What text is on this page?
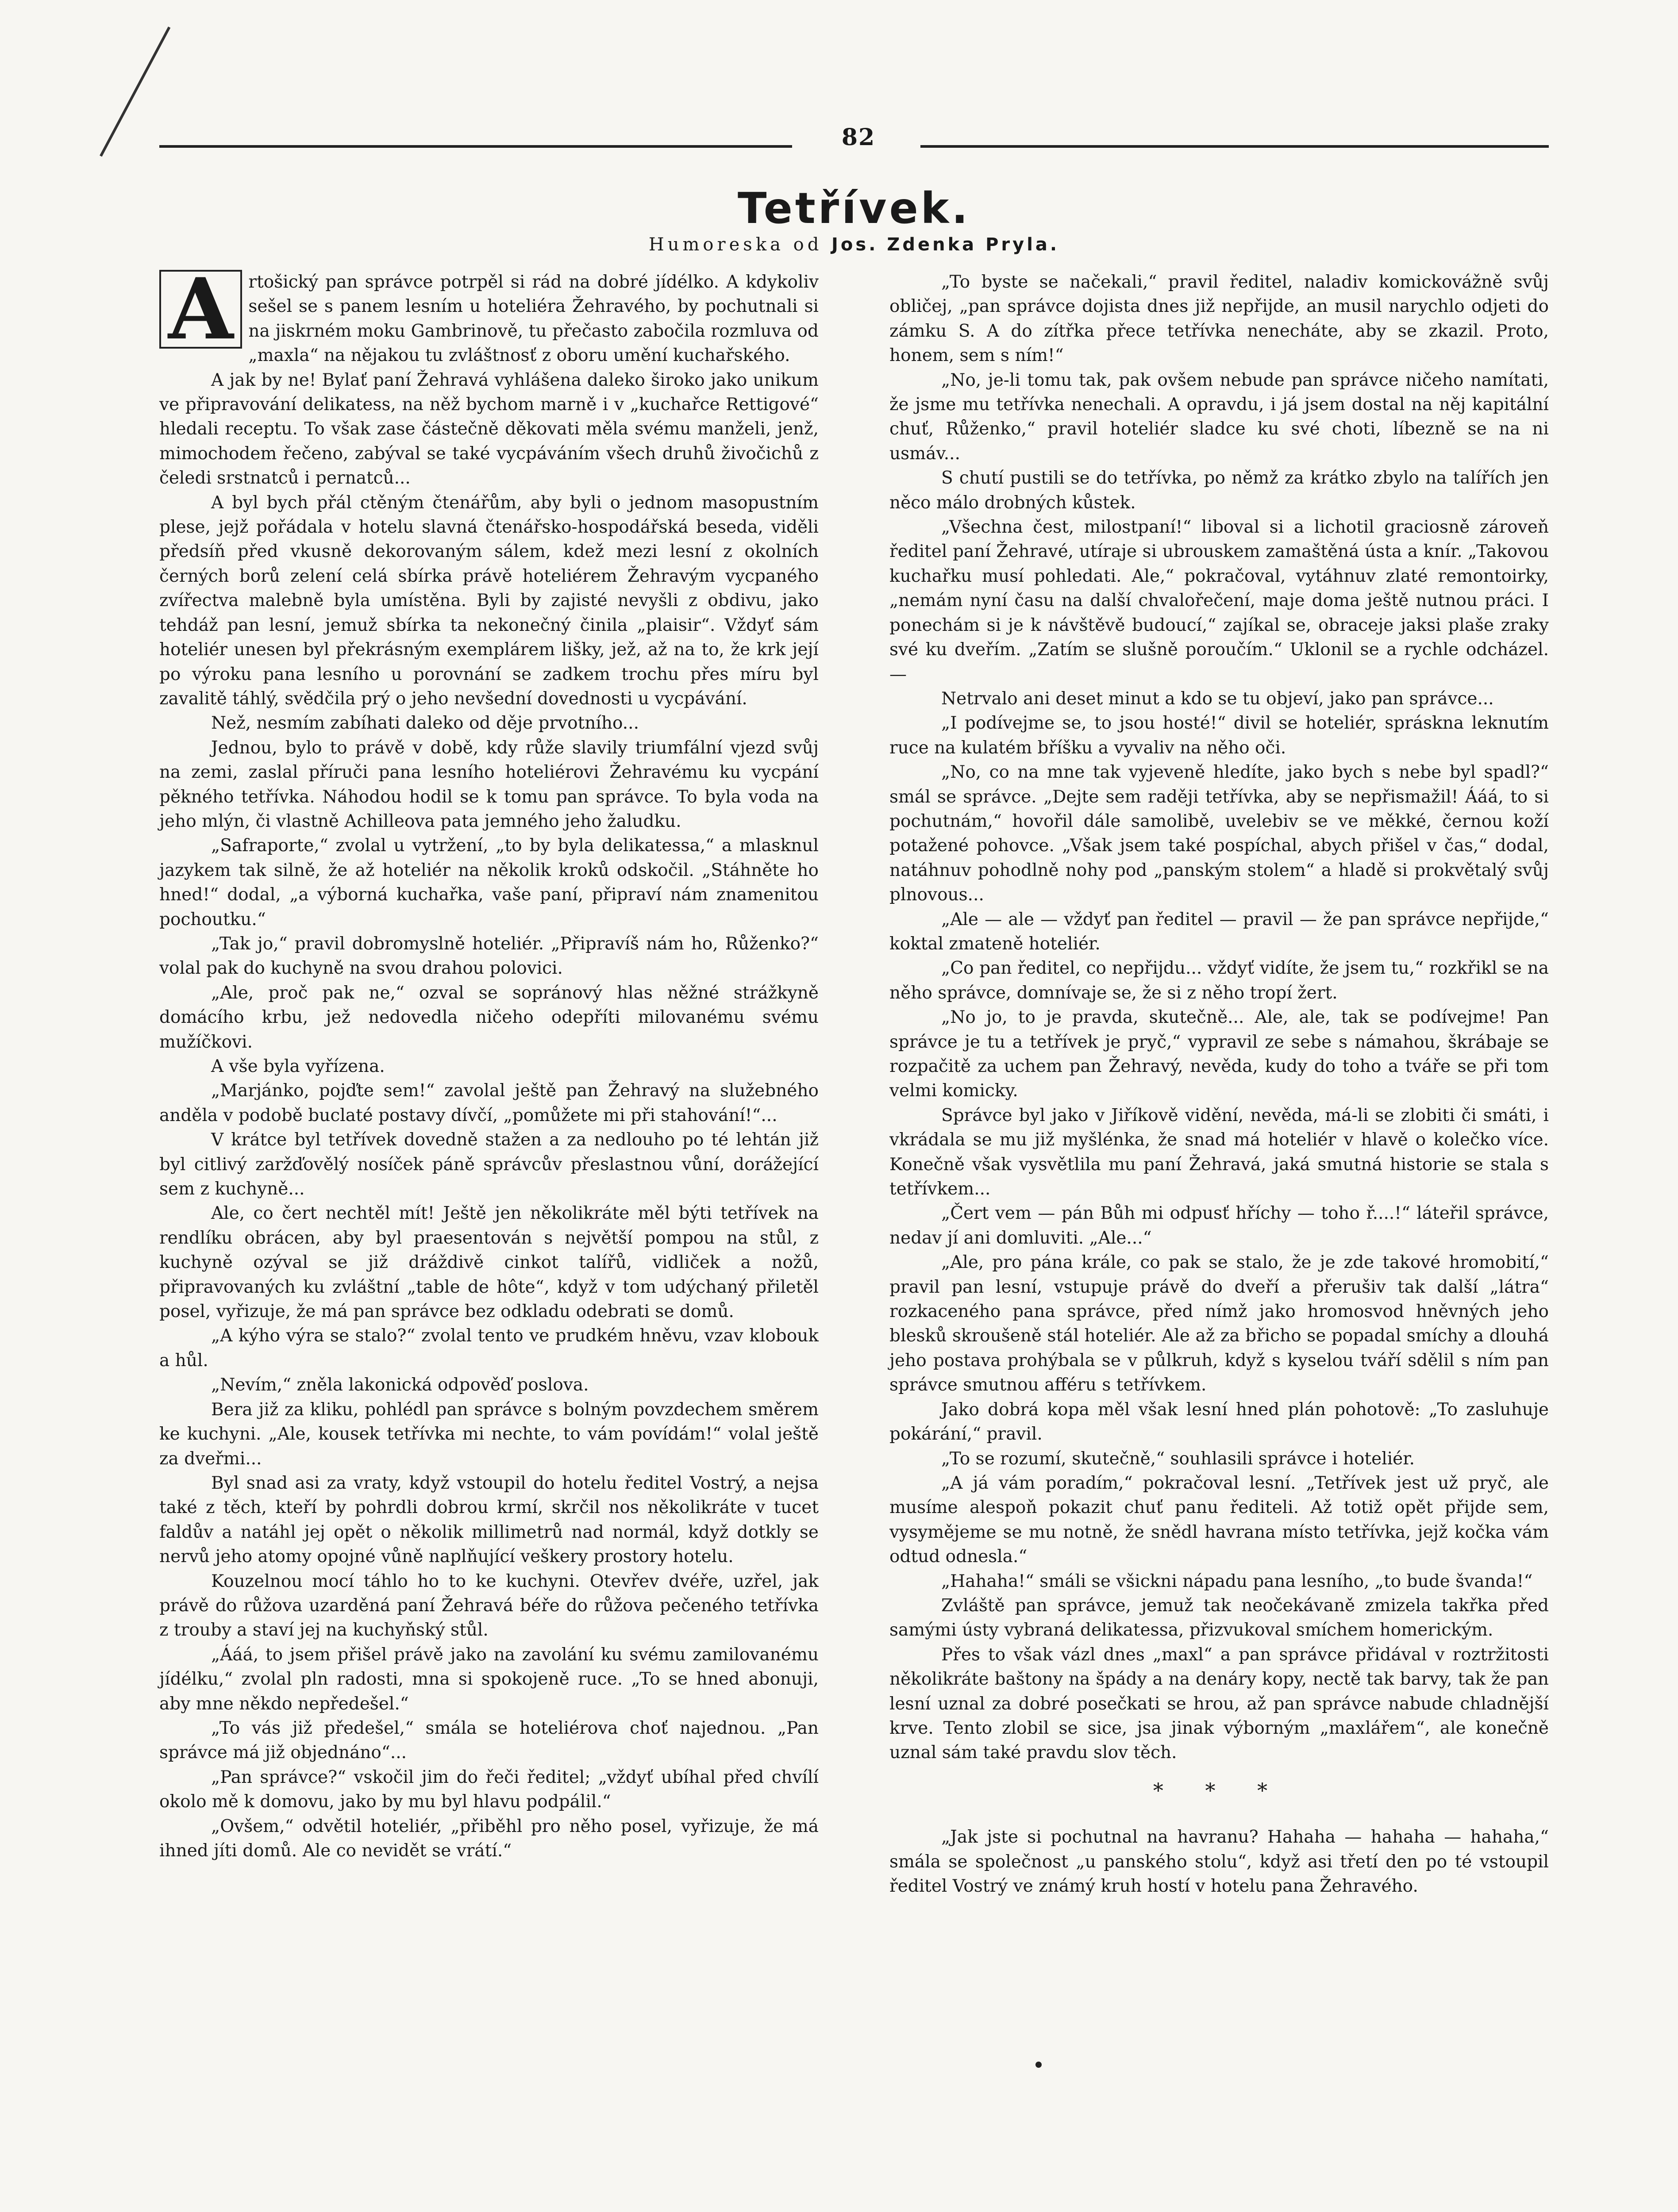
82
Tetřívek.
Humoreska od Jos. Zdenka Pryla.
A rtošický pan správce potrpěl si rád na dobré jídélko. A kdykoliv sešel se s panem lesním u hoteliéra Žehravého, by pochutnali si na jiskrném moku Gambrinově, tu přečasto zabočila rozmluva od „maxla“ na nějakou tu zvláštnosť z oboru umění kuchařského.

A jak by ne! Bylať paní Žehravá vyhlášena daleko široko jako unikum ve připravování delikatess, na něž bychom marně i v „kuchařce Rettigové“ hledali receptu. To však zase částečně děkovati měla svému manželi, jenž, mimochodem řečeno, zabýval se také vycpáváním všech druhů živočichů z čeledi srstnatců i pernatců...

A byl bych přál ctěným čtenářům, aby byli o jednom masopustním plese, jejž pořádala v hotelu slavná čtenářsko-hospodářská beseda, viděli předsíň před vkusně dekorovaným sálem, kdež mezi lesní z okolních černých borů zelení celá sbírka právě hoteliérem Žehravým vycpaného zvířectva malebně byla umístěna. Byli by zajisté nevyšli z obdivu, jako tehdáž pan lesní, jemuž sbírka ta nekonečný činila „plaisir“. Vždyť sám hoteliér unesen byl překrásným exemplárem lišky, jež, až na to, že krk její po výroku pana lesního u porovnání se zadkem trochu přes míru byl zavalitě táhlý, svědčila prý o jeho nevšední dovednosti u vycpávání.

Než, nesmím zabíhati daleko od děje prvotního...

Jednou, bylo to právě v době, kdy růže slavily triumfální vjezd svůj na zemi, zaslal příruči pana lesního hoteliérovi Žehravému ku vycpání pěkného tetřívka. Náhodou hodil se k tomu pan správce. To byla voda na jeho mlýn, či vlastně Achilleova pata jemného jeho žaludku.

„Safraporte,“ zvolal u vytržení, „to by byla delikatessa,“ a mlasknul jazykem tak silně, že až hoteliér na několik kroků odskočil. „Stáhněte ho hned!“ dodal, „a výborná kuchařka, vaše paní, připraví nám znamenitou pochoutku.“

„Tak jo,“ pravil dobromyslně hoteliér. „Připravíš nám ho, Růženko?“ volal pak do kuchyně na svou drahou polovici.

„Ale, proč pak ne,“ ozval se sopránový hlas něžné strážkyně domácího krbu, jež nedovedla ničeho odepříti milovanému svému mužíčkovi.

A vše byla vyřízena.

„Marjánko, pojďte sem!“ zavolal ještě pan Žehravý na služebného anděla v podobě buclaté postavy dívčí, „pomůžete mi při stahování!“...

V krátce byl tetřívek dovedně stažen a za nedlouho po té lehtán již byl citlivý zaržďovělý nosíček páně správcův přeslastnou vůní, dorážející sem z kuchyně...

Ale, co čert nechtěl mít! Ještě jen několikráte měl býti tetřívek na rendlíku obrácen, aby byl praesentován s největší pompou na stůl, z kuchyně ozýval se již dráždivě cinkot talířů, vidliček a nožů, připravovaných ku zvláštní „table de hôte“, když v tom udýchaný přiletěl posel, vyřizuje, že má pan správce bez odkladu odebrati se domů.

„A kýho výra se stalo?“ zvolal tento ve prudkém hněvu, vzav klobouk a hůl.

„Nevím,“ zněla lakonická odpověď poslova.

Bera již za kliku, pohlédl pan správce s bolným povzdechem směrem ke kuchyni. „Ale, kousek tetřívka mi nechte, to vám povídám!“ volal ještě za dveřmi...

Byl snad asi za vraty, když vstoupil do hotelu ředitel Vostrý, a nejsa také z těch, kteří by pohrdli dobrou krmí, skrčil nos několikráte v tucet faldův a natáhl jej opět o několik millimetrů nad normál, když dotkly se nervů jeho atomy opojné vůně naplňující veškery prostory hotelu.

Kouzelnou mocí táhlo ho to ke kuchyni. Otevřev dvéře, uzřel, jak právě do růžova uzarděná paní Žehravá béře do růžova pečeného tetřívka z trouby a staví jej na kuchyňský stůl.

„Ááá, to jsem přišel právě jako na zavolání ku svému zamilovanému jídélku,“ zvolal pln radosti, mna si spokojeně ruce. „To se hned abonuji, aby mne někdo nepředešel.“

„To vás již předešel,“ smála se hoteliérova choť najednou. „Pan správce má již objednáno“...

„Pan správce?“ vskočil jim do řeči ředitel; „vždyť ubíhal před chvílí okolo mě k domovu, jako by mu byl hlavu podpálil.“

„Ovšem,“ odvětil hoteliér, „přiběhl pro něho posel, vyřizuje, že má ihned jíti domů. Ale co nevidět se vrátí.“

„To byste se načekali,“ pravil ředitel, naladiv komickovážně svůj obličej, „pan správce dojista dnes již nepřijde, an musil narychlo odjeti do zámku S. A do zítřka přece tetřívka nenecháte, aby se zkazil. Proto, honem, sem s ním!“

„No, je-li tomu tak, pak ovšem nebude pan správce ničeho namítati, že jsme mu tetřívka nenechali. A opravdu, i já jsem dostal na něj kapitální chuť, Růženko,“ pravil hoteliér sladce ku své choti, líbezně se na ni usmáv...

S chutí pustili se do tetřívka, po němž za krátko zbylo na talířích jen něco málo drobných kůstek.

„Všechna čest, milostpaní!“ liboval si a lichotil graciosně zároveň ředitel paní Žehravé, utíraje si ubrouskem zamaštěná ústa a knír. „Takovou kuchařku musí pohledati. Ale,“ pokračoval, vytáhnuv zlaté remontoirky, „nemám nyní času na další chvalořečení, maje doma ještě nutnou práci. I ponechám si je k návštěvě budoucí,“ zajíkal se, obraceje jaksi plaše zraky své ku dveřím. „Zatím se slušně poroučím.“ Uklonil se a rychle odcházel. —

Netrvalo ani deset minut a kdo se tu objeví, jako pan správce...

„I podívejme se, to jsou hosté!“ divil se hoteliér, spráskna leknutím ruce na kulatém bříšku a vyvaliv na něho oči.

„No, co na mne tak vyjeveně hledíte, jako bych s nebe byl spadl?“ smál se správce. „Dejte sem raději tetřívka, aby se nepřismažil! Ááá, to si pochutnám,“ hovořil dále samolibě, uvelebiv se ve měkké, černou koží potažené pohovce. „Však jsem také pospíchal, abych přišel v čas,“ dodal, natáhnuv pohodlně nohy pod „panským stolem“ a hladě si prokvětalý svůj plnovous...

„Ale — ale — vždyť pan ředitel — pravil — že pan správce nepřijde,“ koktal zmateně hoteliér.

„Co pan ředitel, co nepřijdu... vždyť vidíte, že jsem tu,“ rozkřikl se na něho správce, domnívaje se, že si z něho tropí žert.

„No jo, to je pravda, skutečně... Ale, ale, tak se podívejme! Pan správce je tu a tetřívek je pryč,“ vypravil ze sebe s námahou, škrábaje se rozpačitě za uchem pan Žehravý, nevěda, kudy do toho a tváře se při tom velmi komicky.

Správce byl jako v Jiříkově vidění, nevěda, má-li se zlobiti či smáti, i vkrádala se mu již myšlénka, že snad má hoteliér v hlavě o kolečko více. Konečně však vysvětlila mu paní Žehravá, jaká smutná historie se stala s tetřívkem...

„Čert vem — pán Bůh mi odpusť hříchy — toho ř....!“ láteřil správce, nedav jí ani domluviti. „Ale...“

„Ale, pro pána krále, co pak se stalo, že je zde takové hromobití,“ pravil pan lesní, vstupuje právě do dveří a přerušiv tak další „látra“ rozkaceného pana správce, před nímž jako hromosvod hněvných jeho blesků skroušeně stál hoteliér. Ale až za břicho se popadal smíchy a dlouhá jeho postava prohýbala se v půlkruh, když s kyselou tváří sdělil s ním pan správce smutnou afféru s tetřívkem.

Jako dobrá kopa měl však lesní hned plán pohotově: „To zasluhuje pokárání,“ pravil.

„To se rozumí, skutečně,“ souhlasili správce i hoteliér.

„A já vám poradím,“ pokračoval lesní. „Tetřívek jest už pryč, ale musíme alespoň pokazit chuť panu řediteli. Až totiž opět přijde sem, vysymějeme se mu notně, že snědl havrana místo tetřívka, jejž kočka vám odtud odnesla.“

„Hahaha!“ smáli se všickni nápadu pana lesního, „to bude švanda!“

Zvláště pan správce, jemuž tak neočekávaně zmizela takřka před samými ústy vybraná delikatessa, přizvukoval smíchem homerickým.

Přes to však vázl dnes „maxl“ a pan správce přidával v roztržitosti několikráte baštony na špády a na denáry kopy, nectě tak barvy, tak že pan lesní uznal za dobré posečkati se hrou, až pan správce nabude chladnější krve. Tento zlobil se sice, jsa jinak výborným „maxlářem“, ale konečně uznal sám také pravdu slov těch.

* * *

„Jak jste si pochutnal na havranu? Hahaha — hahaha — hahaha,“ smála se společnost „u panského stolu“, když asi třetí den po té vstoupil ředitel Vostrý ve známý kruh hostí v hotelu pana Žehravého.
